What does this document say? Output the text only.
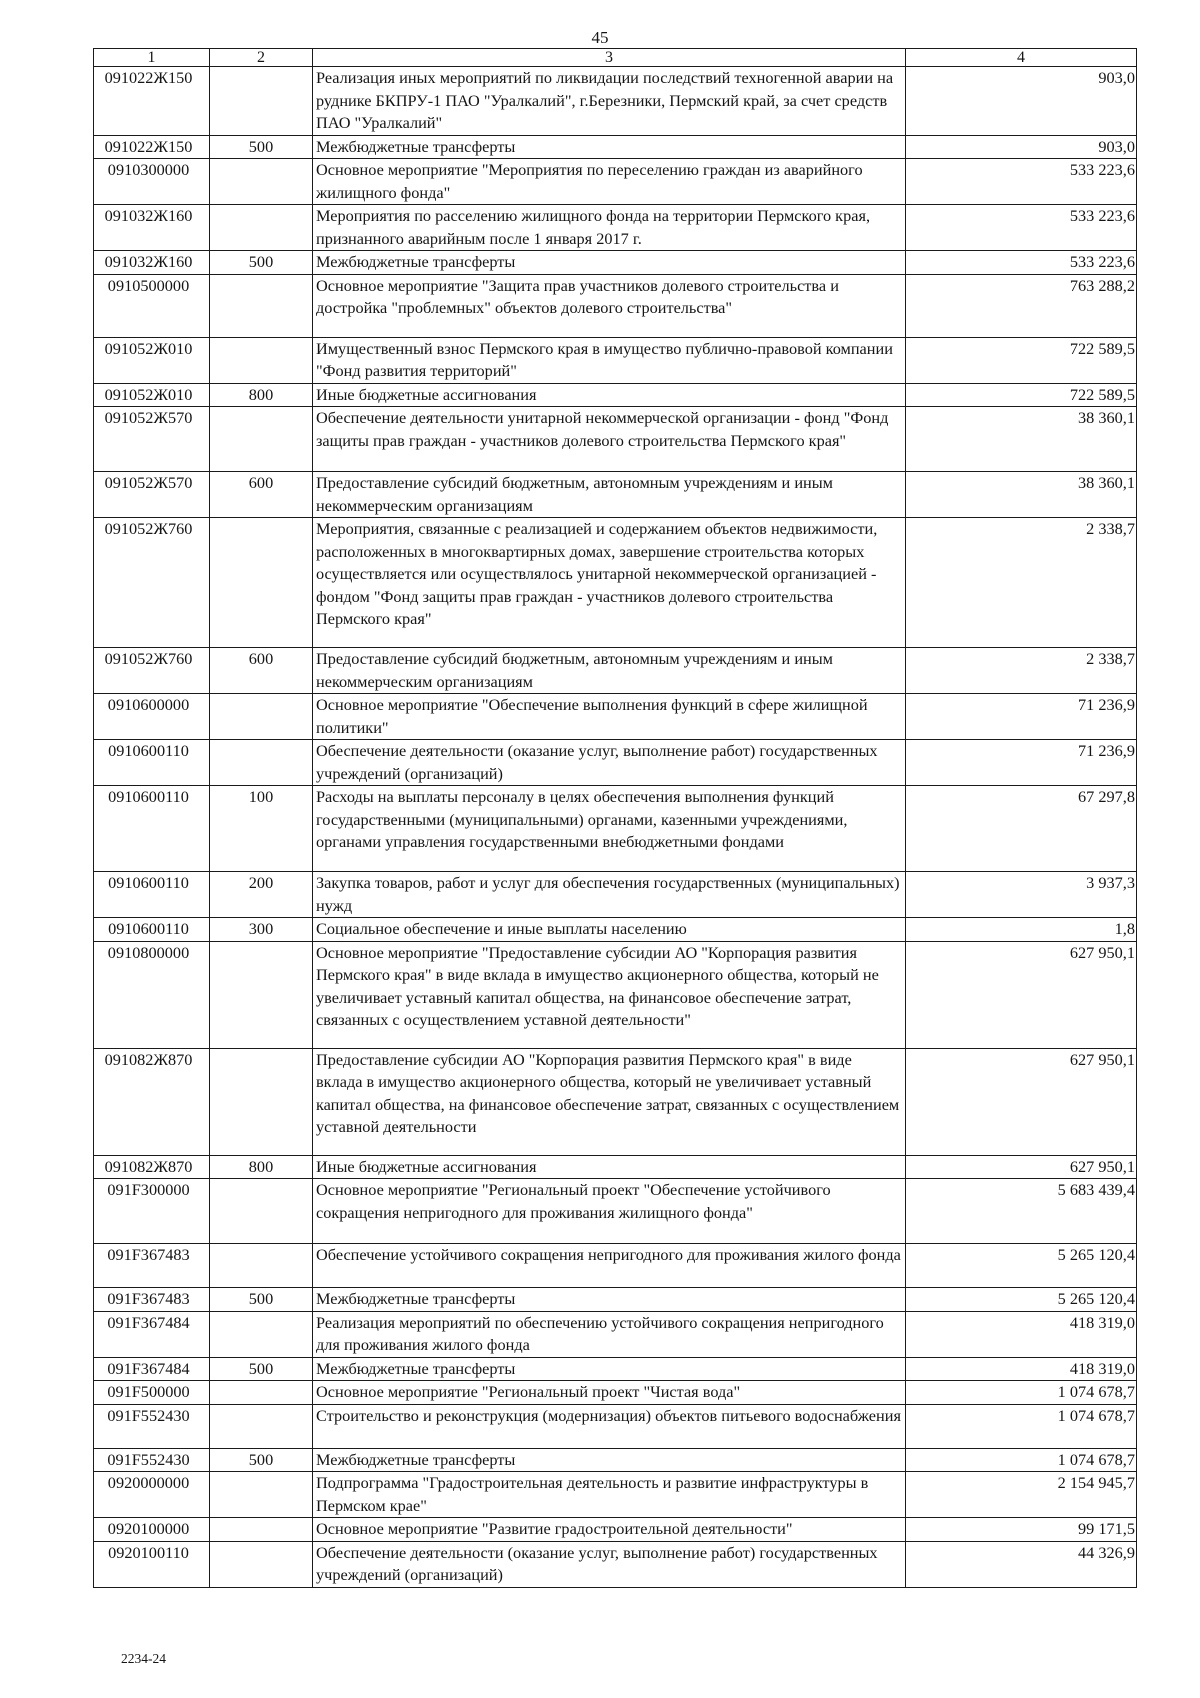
45
1	2	3	4
091022Ж150		Реализация иных мероприятий по ликвидации последствий техногенной аварии на руднике БКПРУ-1 ПАО "Уралкалий", г.Березники, Пермский край, за счет средств ПАО "Уралкалий"	903,0
091022Ж150	500	Межбюджетные трансферты	903,0
0910300000		Основное мероприятие "Мероприятия по переселению граждан из аварийного жилищного фонда"	533 223,6
091032Ж160		Мероприятия по расселению жилищного фонда на территории Пермского края, признанного аварийным после 1 января 2017 г.	533 223,6
091032Ж160	500	Межбюджетные трансферты	533 223,6
0910500000		Основное мероприятие "Защита прав участников долевого строительства и достройка "проблемных" объектов долевого строительства"	763 288,2
091052Ж010		Имущественный взнос Пермского края в имущество публично-правовой компании "Фонд развития территорий"	722 589,5
091052Ж010	800	Иные бюджетные ассигнования	722 589,5
091052Ж570		Обеспечение деятельности унитарной некоммерческой организации - фонд "Фонд защиты прав граждан - участников долевого строительства Пермского края"	38 360,1
091052Ж570	600	Предоставление субсидий бюджетным, автономным учреждениям и иным некоммерческим организациям	38 360,1
091052Ж760		Мероприятия, связанные с реализацией и содержанием объектов недвижимости, расположенных в многоквартирных домах, завершение строительства которых осуществляется или осуществлялось унитарной некоммерческой организацией - фондом "Фонд защиты прав граждан - участников долевого строительства Пермского края"	2 338,7
091052Ж760	600	Предоставление субсидий бюджетным, автономным учреждениям и иным некоммерческим организациям	2 338,7
0910600000		Основное мероприятие "Обеспечение выполнения функций в сфере жилищной политики"	71 236,9
0910600110		Обеспечение деятельности (оказание услуг, выполнение работ) государственных учреждений (организаций)	71 236,9
0910600110	100	Расходы на выплаты персоналу в целях обеспечения выполнения функций государственными (муниципальными) органами, казенными учреждениями, органами управления государственными внебюджетными фондами	67 297,8
0910600110	200	Закупка товаров, работ и услуг для обеспечения государственных (муниципальных) нужд	3 937,3
0910600110	300	Социальное обеспечение и иные выплаты населению	1,8
0910800000		Основное мероприятие "Предоставление субсидии АО "Корпорация развития Пермского края" в виде вклада в имущество акционерного общества, который не увеличивает уставный капитал общества, на финансовое обеспечение затрат, связанных с осуществлением уставной деятельности"	627 950,1
091082Ж870		Предоставление субсидии АО "Корпорация развития Пермского края" в виде вклада в имущество акционерного общества, который не увеличивает уставный капитал общества, на финансовое обеспечение затрат, связанных с осуществлением уставной деятельности	627 950,1
091082Ж870	800	Иные бюджетные ассигнования	627 950,1
091F300000		Основное мероприятие "Региональный проект "Обеспечение устойчивого сокращения непригодного для проживания жилищного фонда"	5 683 439,4
091F367483		Обеспечение устойчивого сокращения непригодного для проживания жилого фонда	5 265 120,4
091F367483	500	Межбюджетные трансферты	5 265 120,4
091F367484		Реализация мероприятий по обеспечению устойчивого сокращения непригодного для проживания жилого фонда	418 319,0
091F367484	500	Межбюджетные трансферты	418 319,0
091F500000		Основное мероприятие "Региональный проект "Чистая вода"	1 074 678,7
091F552430		Строительство и реконструкция (модернизация) объектов питьевого водоснабжения	1 074 678,7
091F552430	500	Межбюджетные трансферты	1 074 678,7
0920000000		Подпрограмма "Градостроительная деятельность и развитие инфраструктуры в Пермском крае"	2 154 945,7
0920100000		Основное мероприятие "Развитие градостроительной деятельности"	99 171,5
0920100110		Обеспечение деятельности (оказание услуг, выполнение работ) государственных учреждений (организаций)	44 326,9
2234-24
